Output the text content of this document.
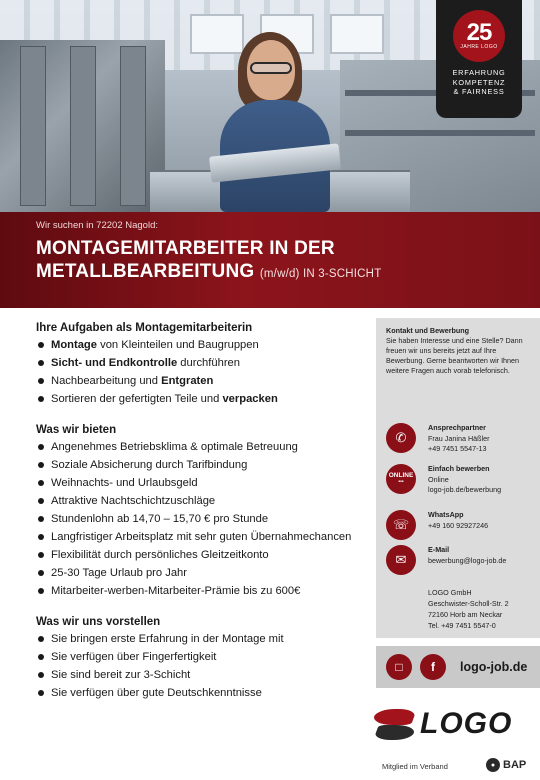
25
JAHRE LOGO
ERFAHRUNG
KOMPETENZ
& FAIRNESS
Wir suchen in 72202 Nagold:
MONTAGEMITARBEITER IN DER
METALLBEARBEITUNG (m/w/d) IN 3-SCHICHT
Ihre Aufgaben als Montagemitarbeiterin
Montage von Kleinteilen und Baugruppen
Sicht- und Endkontrolle durchführen
Nachbearbeitung und Entgraten
Sortieren der gefertigten Teile und verpacken
Was wir bieten
Angenehmes Betriebsklima & optimale Betreuung
Soziale Absicherung durch Tarifbindung
Weihnachts- und Urlaubsgeld
Attraktive Nachtschichtzuschläge
Stundenlohn ab 14,70 – 15,70 € pro Stunde
Langfristiger Arbeitsplatz mit sehr guten Übernahmechancen
Flexibilität durch persönliches Gleitzeitkonto
25-30 Tage Urlaub pro Jahr
Mitarbeiter-werben-Mitarbeiter-Prämie bis zu 600€
Was wir uns vorstellen
Sie bringen erste Erfahrung in der Montage mit
Sie verfügen über Fingerfertigkeit
Sie sind bereit zur 3-Schicht
Sie verfügen über gute Deutschkenntnisse
Kontakt und Bewerbung
Sie haben Interesse und eine Stelle? Dann freuen wir uns bereits jetzt auf Ihre Bewerbung. Gerne beantworten wir Ihnen weitere Fragen auch vorab telefonisch.
✆
Ansprechpartner
Frau Janina Häßler
+49 7451 5547-13
ONLINE
•••
Einfach bewerben
Online
logo-job.de/bewerbung
☏
WhatsApp
+49 160 92927246
✉
E-Mail
bewerbung@logo-job.de
LOGO GmbH
Geschwister-Scholl-Str. 2
72160 Horb am Neckar
Tel. +49 7451 5547-0
□	f	logo-job.de
LOGO
Mitglied im Verband	● BAP
